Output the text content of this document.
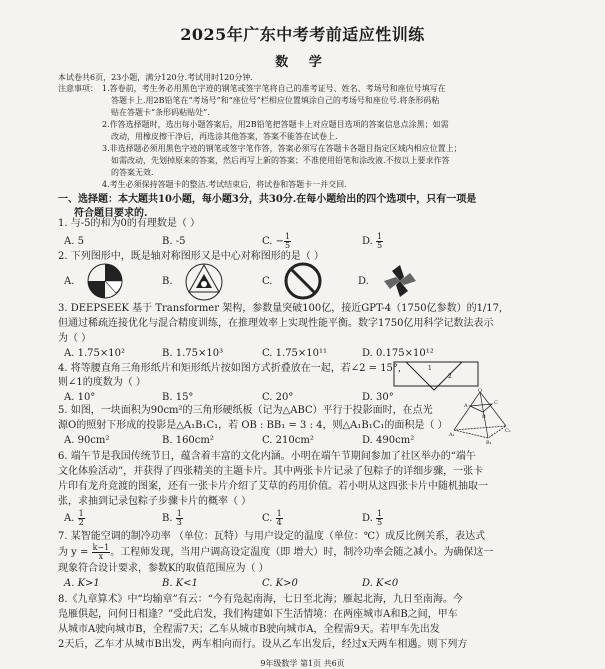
2025年广东中考考前适应性训练
数 学
本试卷共6页，23小题，满分120分.考试用时120分钟.
注意事项： 1.答卷前，考生务必用黑色字迹的钢笔或签字笔将自己的准考证号、姓名、考场号和座位号填写在
答题卡上.用2B铅笔在“考场号”和“座位号”栏相应位置填涂自己的考场号和座位号.将条形码粘
贴在答题卡“条形码粘贴处”.
2.作答选择题时，选出每小题答案后，用2B铅笔把答题卡上对应题目选项的答案信息点涂黑；如需
改动，用橡皮擦干净后，再选涂其他答案，答案不能答在试卷上.
3.非选择题必须用黑色字迹的钢笔或签字笔作答，答案必须写在答题卡各题目指定区域内相应位置上；
如需改动，先划掉原来的答案，然后再写上新的答案；不准使用铅笔和涂改液.不按以上要求作答
的答案无效.
4.考生必须保持答题卡的整洁.考试结束后，将试卷和答题卡一并交回.
一、选择题：本大题共10小题，每小题3分，共30分.在每小题给出的四个选项中，只有一项是
符合题目要求的.
1. 与-5的和为0的有理数是（ ）
A. 5	B. -5	C. − $\frac{1}{5}$	D. $\frac{1}{5}$
2. 下列图形中，既是轴对称图形又是中心对称图形的是（ ）
A.	B.	C.	D.
3. DEEPSEEK 基于 Transformer 架构，参数量突破100亿，接近GPT-4（1750亿参数）的1/17,
但通过稀疏连接优化与混合精度训练，在推理效率上实现性能平衡。数字1750亿用科学记数法表示
为（ ）
A. 1.75×10²	B. 1.75×10³	C. 1.75×10¹¹	D. 0.175×10¹²
4. 将等腰直角三角形纸片和矩形纸片按如图方式折叠放在一起，若∠2 = 15°,
则∠1的度数为（ ）
A. 10°	B. 15°	C. 20°	D. 30°
1
2
5. 如图，一块面积为90cm²的三角形硬纸板（记为△ABC）平行于投影面时，在点光
源O的照射下形成的投影是△A₁B₁C₁，若 OB : BB₁ = 3 : 4，则△A₁B₁C₁的面积是（ ）
A. 90cm²	B. 160cm²	C. 210cm²	D. 490cm²
O
A
B
C
A₁
B₁
C₁
6. 端午节是我国传统节日，蕴含着丰富的文化内涵。小明在端午节期间参加了社区举办的“端午
文化体验活动”，并获得了四张精美的主题卡片。其中两张卡片记录了包粽子的详细步骤，一张卡
片印有龙舟竞渡的图案，还有一张卡片介绍了艾草的药用价值。若小明从这四张卡片中随机抽取一
张，求抽到记录包粽子步骤卡片的概率（ ）
A. $\frac{1}{2}$	B. $\frac{1}{3}$	C. $\frac{1}{4}$	D. $\frac{1}{5}$
7. 某智能空调的制冷功率 （单位：瓦特）与用户设定的温度（单位：℃）成反比例关系，表达式
为 $y = \frac{k-1}{x}$ 。工程师发现，当用户调高设定温度（即 增大）时，制冷功率会随之减小。为确保这一
现象符合设计要求，参数K的取值范围应为（ ）
A. K>1	B. K<1	C. K>0	D. K<0
8.《九章算术》中“均输章”有云：“今有凫起南海，七日至北海；雁起北海，九日至南海。今
凫雁俱起，问何日相逢？”受此启发，我们构建如下生活情境：在两座城市A和B之间，甲车
从城市A驶向城市B，全程需7天；乙车从城市B驶向城市A，全程需9天。若甲车先出发
2天后，乙车才从城市B出发，两车相向而行。设从乙车出发后，经过x天两车相遇。则下列方
9年级数学 第1页 共6页
